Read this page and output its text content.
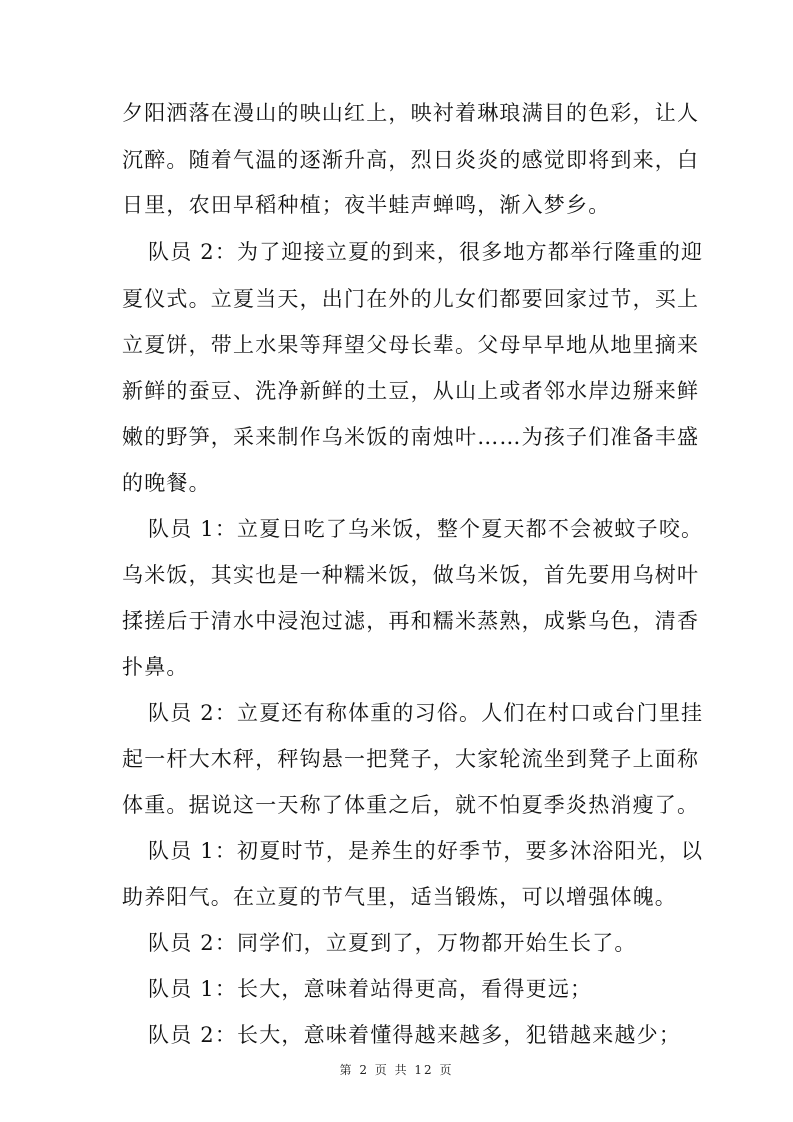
夕阳洒落在漫山的映山红上，映衬着琳琅满目的色彩，让人
沉醉。随着气温的逐渐升高，烈日炎炎的感觉即将到来，白
日里，农田早稻种植；夜半蛙声蝉鸣，渐入梦乡。
队员 2：为了迎接立夏的到来，很多地方都举行隆重的迎
夏仪式。立夏当天，出门在外的儿女们都要回家过节，买上
立夏饼，带上水果等拜望父母长辈。父母早早地从地里摘来
新鲜的蚕豆、洗净新鲜的土豆，从山上或者邻水岸边掰来鲜
嫩的野笋，采来制作乌米饭的南烛叶……为孩子们准备丰盛
的晚餐。
队员 1：立夏日吃了乌米饭，整个夏天都不会被蚊子咬。
乌米饭，其实也是一种糯米饭，做乌米饭，首先要用乌树叶
揉搓后于清水中浸泡过滤，再和糯米蒸熟，成紫乌色，清香
扑鼻。
队员 2：立夏还有称体重的习俗。人们在村口或台门里挂
起一杆大木秤，秤钩悬一把凳子，大家轮流坐到凳子上面称
体重。据说这一天称了体重之后，就不怕夏季炎热消瘦了。
队员 1：初夏时节，是养生的好季节，要多沐浴阳光，以
助养阳气。在立夏的节气里，适当锻炼，可以增强体魄。
队员 2：同学们，立夏到了，万物都开始生长了。
队员 1：长大，意味着站得更高，看得更远；
队员 2：长大，意味着懂得越来越多，犯错越来越少；
第 2 页 共 12 页
